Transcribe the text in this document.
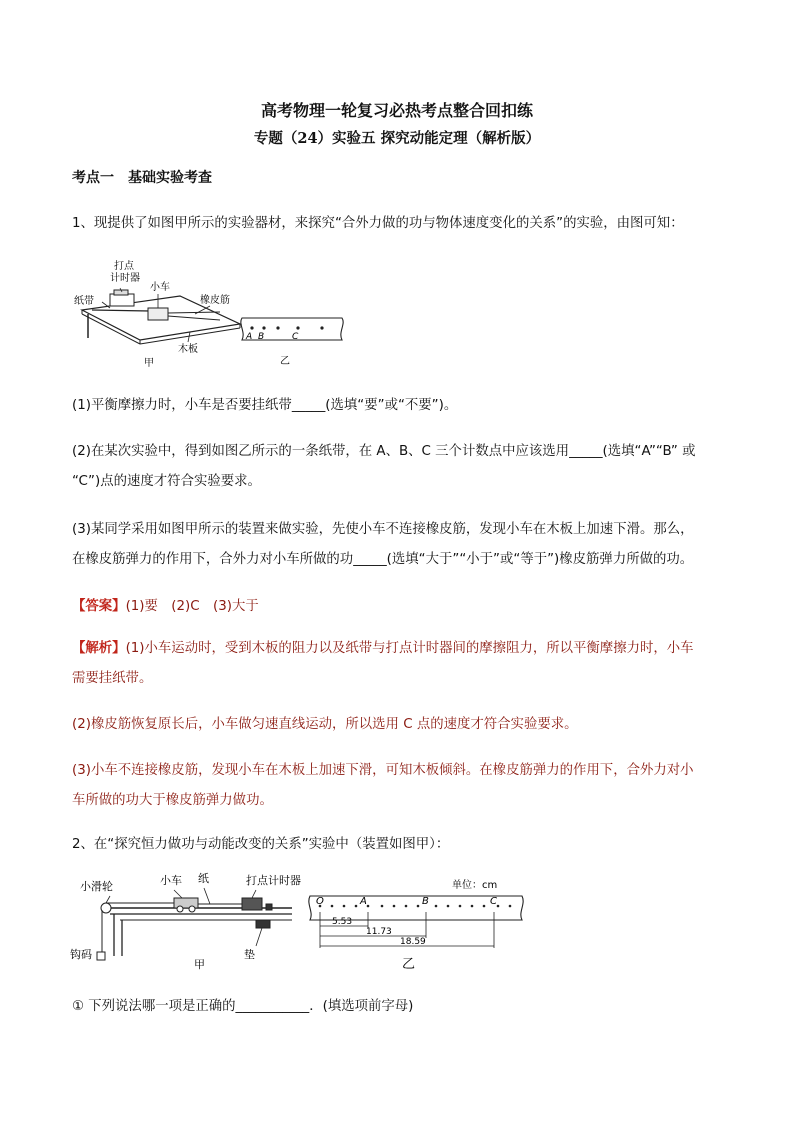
高考物理一轮复习必热考点整合回扣练
专题（24）实验五 探究动能定理（解析版）
考点一　基础实验考查
1、现提供了如图甲所示的实验器材，来探究“合外力做的功与物体速度变化的关系”的实验，由图可知：
打点
计时器
纸带
小车
橡皮筋
木板
甲
A B	C
乙
(1)平衡摩擦力时，小车是否要挂纸带_____(选填“要”或“不要”)。
(2)在某次实验中，得到如图乙所示的一条纸带，在 A、B、C 三个计数点中应该选用_____(选填“A”“B” 或
“C”)点的速度才符合实验要求。
(3)某同学采用如图甲所示的装置来做实验，先使小车不连接橡皮筋，发现小车在木板上加速下滑。那么，
在橡皮筋弹力的作用下，合外力对小车所做的功_____(选填“大于”“小于”或“等于”)橡皮筋弹力所做的功。
【答案】(1)要　(2)C　(3)大于
【解析】(1)小车运动时，受到木板的阻力以及纸带与打点计时器间的摩擦阻力，所以平衡摩擦力时，小车
需要挂纸带。
(2)橡皮筋恢复原长后，小车做匀速直线运动，所以选用 C 点的速度才符合实验要求。
(3)小车不连接橡皮筋，发现小车在木板上加速下滑，可知木板倾斜。在橡皮筋弹力的作用下，合外力对小
车所做的功大于橡皮筋弹力做功。
2、在“探究恒力做功与动能改变的关系”实验中（装置如图甲）：
小滑轮	小车 纸	打点计时器
钩码	垫
甲
O	A	B	C
单位：cm
5.53
11.73
18.59
乙
① 下列说法哪一项是正确的___________．(填选项前字母)
